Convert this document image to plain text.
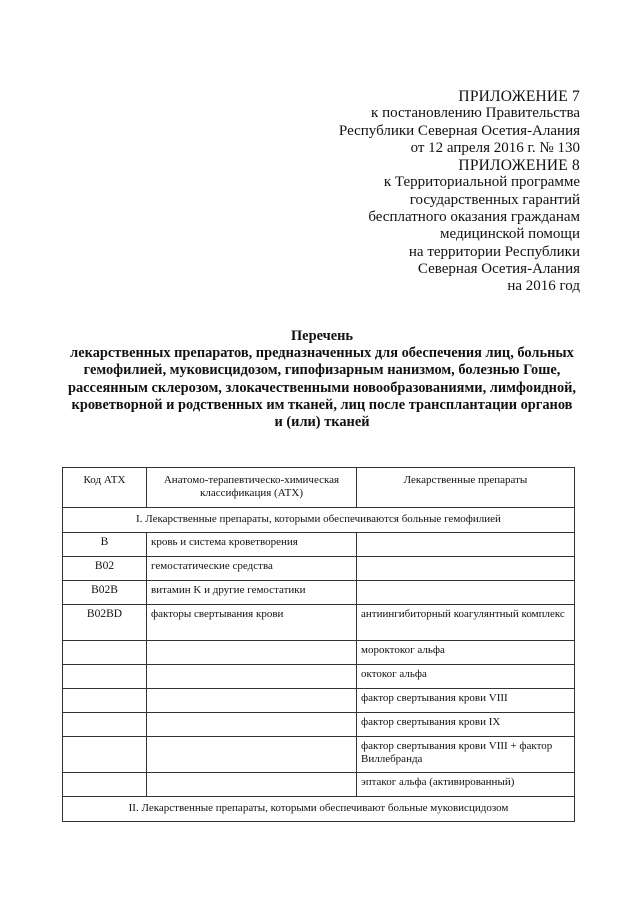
ПРИЛОЖЕНИЕ 7
к постановлению Правительства
Республики Северная Осетия-Алания
от 12 апреля 2016 г. № 130
ПРИЛОЖЕНИЕ 8
к Территориальной программе
государственных гарантий
бесплатного оказания гражданам
медицинской помощи
на территории Республики
Северная Осетия-Алания
на 2016 год
Перечень
лекарственных препаратов, предназначенных для обеспечения лиц, больных
гемофилией, муковисцидозом, гипофизарным нанизмом, болезнью Гоше,
рассеянным склерозом, злокачественными новообразованиями, лимфоидной,
кроветворной и родственных им тканей, лиц после трансплантации органов
и (или) тканей
Код АТХ	Анатомо-терапевтическо-химическая классификация (АТХ)	Лекарственные препараты
I. Лекарственные препараты, которыми обеспечиваются больные гемофилией		
B	кровь и система кроветворения	
B02	гемостатические средства	
B02B	витамин K и другие гемостатики	
B02BD	факторы свертывания крови	антиингибиторный коагулянтный комплекс
		мороктоког альфа
		октоког альфа
		фактор свертывания крови VIII
		фактор свертывания крови IX
		фактор свертывания крови VIII + фактор Виллебранда
		эптаког альфа (активированный)
II. Лекарственные препараты, которыми обеспечивают больные муковисцидозом		
